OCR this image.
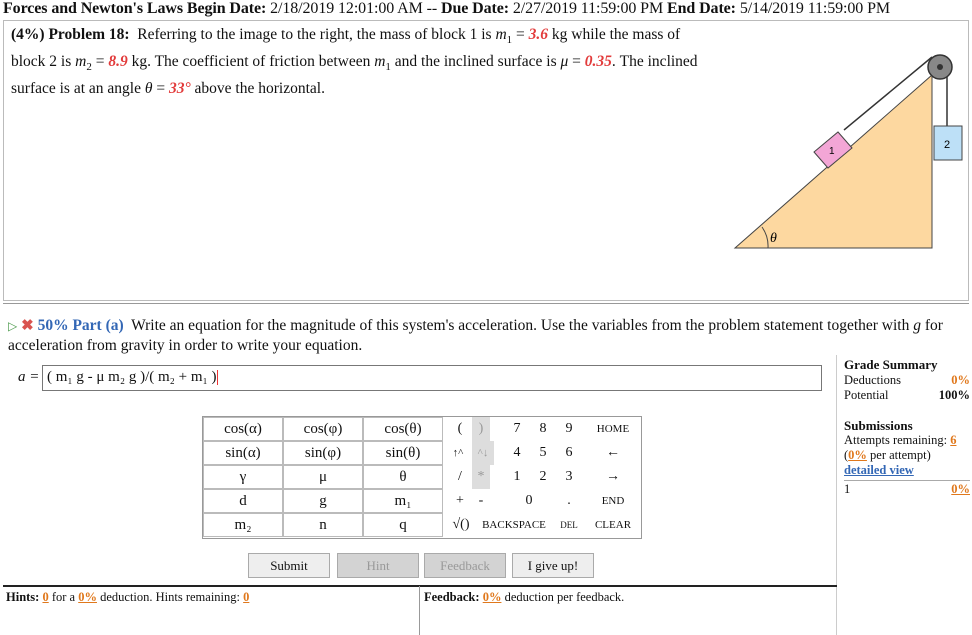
Forces and Newton's Laws Begin Date: 2/18/2019 12:01:00 AM -- Due Date: 2/27/2019 11:59:00 PM End Date: 5/14/2019 11:59:00 PM
(4%) Problem 18: Referring to the image to the right, the mass of block 1 is $m_1 = 3.6$ kg while the mass of block 2 is $m_2 = 8.9$ kg. The coefficient of friction between $m_1$ and the inclined surface is μ = 0.35. The inclined surface is at an angle θ = 33° above the horizontal.
θ
1
2
▷ ✖ 50% Part (a) Write an equation for the magnitude of this system's acceleration. Use the variables from the problem statement together with g for acceleration from gravity in order to write your equation.
a = ( m₁ g - μ m₂ g )/( m₂ + m₁ )
Grade Summary
Deductions	0%
Potential	100%
Submissions
Attempts remaining: 6
(0% per attempt)
detailed view
1	0%
cos(α)	cos(φ)	cos(θ)
sin(α)	sin(φ)	sin(θ)
γ	μ	θ
d	g	m₁
m₂	n	q
(	)	7	8	9	HOME
↑^	^↓	4	5	6	←
/	*	1	2	3	→
+	-	0	.	END
√()	BACKSPACE	DEL	CLEAR
Submit	Hint	Feedback	I give up!
Hints: 0 for a 0% deduction. Hints remaining: 0	Feedback: 0% deduction per feedback.
